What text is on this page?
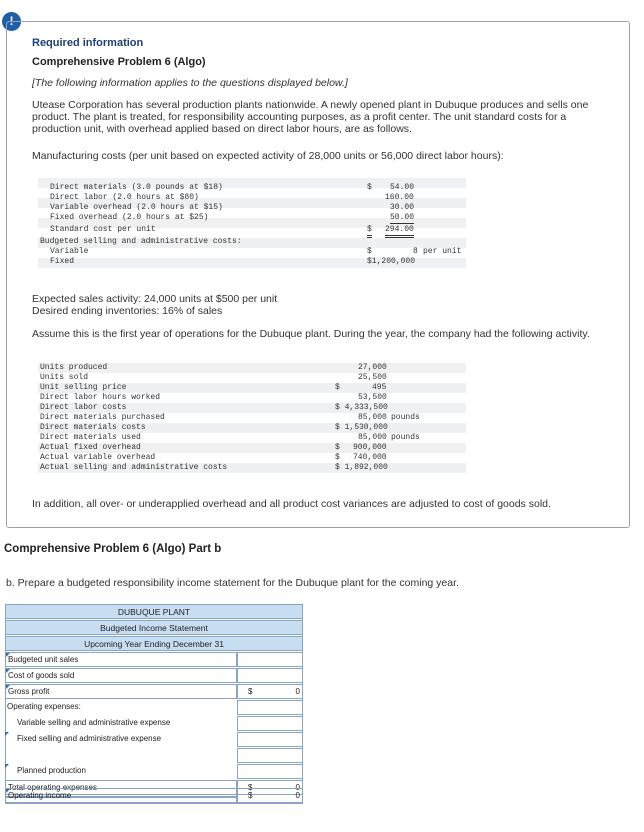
!
Required information
Comprehensive Problem 6 (Algo)
[The following information applies to the questions displayed below.]
Utease Corporation has several production plants nationwide. A newly opened plant in Dubuque produces and sells one product. The plant is treated, for responsibility accounting purposes, as a profit center. The unit standard costs for a production unit, with overhead applied based on direct labor hours, are as follows.
Manufacturing costs (per unit based on expected activity of 28,000 units or 56,000 direct labor hours):
Direct materials (3.0 pounds at $18)	$ 54.00
Direct labor (2.0 hours at $80)	160.00
Variable overhead (2.0 hours at $15)	30.00
Fixed overhead (2.0 hours at $25)	50.00
Standard cost per unit	$ 294.00
Budgeted selling and administrative costs:
Variable	$	8 per unit
Fixed	$1,200,000
Expected sales activity: 24,000 units at $500 per unit
Desired ending inventories: 16% of sales
Assume this is the first year of operations for the Dubuque plant. During the year, the company had the following activity.
Units produced	27,000
Units sold	25,500
Unit selling price	$	495
Direct labor hours worked	53,500
Direct labor costs	$ 4,333,500
Direct materials purchased	85,000 pounds
Direct materials costs	$ 1,530,000
Direct materials used	85,000 pounds
Actual fixed overhead	$ 900,000
Actual variable overhead	$ 740,000
Actual selling and administrative costs	$ 1,892,000
In addition, all over- or underapplied overhead and all product cost variances are adjusted to cost of goods sold.
Comprehensive Problem 6 (Algo) Part b
b. Prepare a budgeted responsibility income statement for the Dubuque plant for the coming year.
DUBUQUE PLANT
Budgeted Income Statement
Upcoming Year Ending December 31
Budgeted unit sales
Cost of goods sold
Gross profit	$	0
Operating expenses:
Variable selling and administrative expense
Fixed selling and administrative expense
Planned production
Total operating expenses	$	0
Operating income	$	0
